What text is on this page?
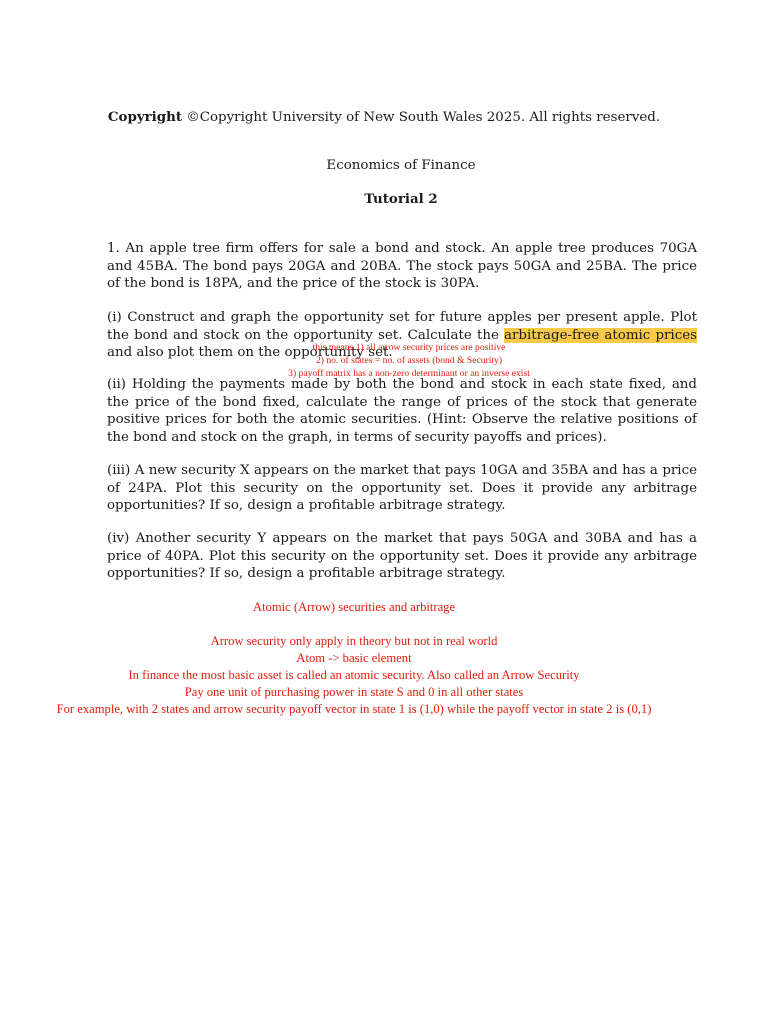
Copyright ©Copyright University of New South Wales 2025. All rights reserved.
Economics of Finance
Tutorial 2
1. An apple tree firm offers for sale a bond and stock. An apple tree produces 70GA and 45BA. The bond pays 20GA and 20BA. The stock pays 50GA and 25BA. The price of the bond is 18PA, and the price of the stock is 30PA.
(i) Construct and graph the opportunity set for future apples per present apple. Plot the bond and stock on the opportunity set. Calculate the arbitrage-free atomic prices and also plot them on the opportunity set.
this means 1) all arrow security prices are positive
2) no. of states = no. of assets (bond & Security)
3) payoff matrix has a non-zero determinant or an inverse exist
(ii) Holding the payments made by both the bond and stock in each state fixed, and the price of the bond fixed, calculate the range of prices of the stock that generate positive prices for both the atomic securities. (Hint: Observe the relative positions of the bond and stock on the graph, in terms of security payoffs and prices).
(iii) A new security X appears on the market that pays 10GA and 35BA and has a price of 24PA. Plot this security on the opportunity set. Does it provide any arbitrage opportunities? If so, design a profitable arbitrage strategy.
(iv) Another security Y appears on the market that pays 50GA and 30BA and has a price of 40PA. Plot this security on the opportunity set. Does it provide any arbitrage opportunities? If so, design a profitable arbitrage strategy.
Atomic (Arrow) securities and arbitrage
Arrow security only apply in theory but not in real world
Atom -> basic element
In finance the most basic asset is called an atomic security. Also called an Arrow Security
Pay one unit of purchasing power in state S and 0 in all other states
For example, with 2 states and arrow security payoff vector in state 1 is (1,0) while the payoff vector in state 2 is (0,1)
